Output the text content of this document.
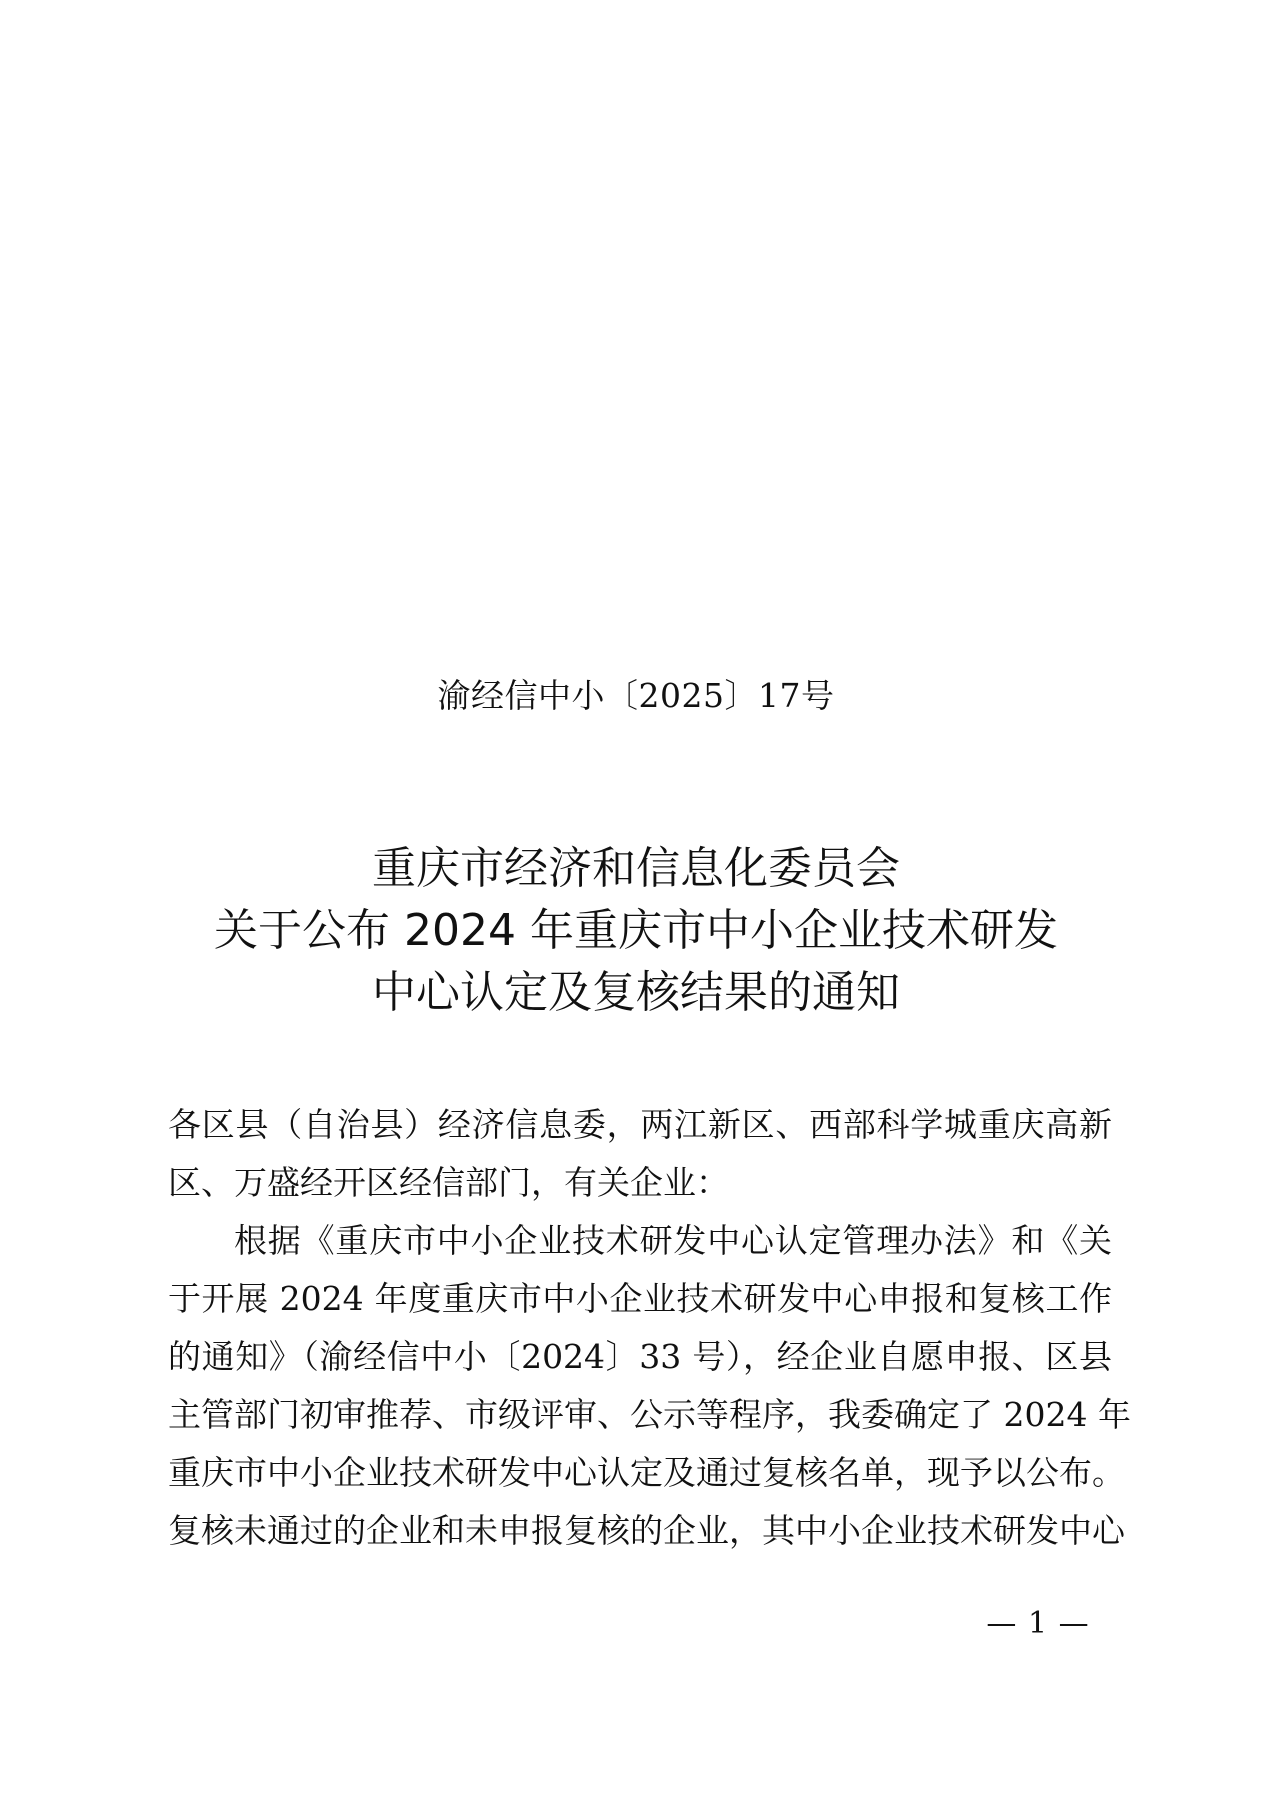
渝经信中小〔2025〕17号
重庆市经济和信息化委员会
关于公布 2024 年重庆市中小企业技术研发
中心认定及复核结果的通知
各区县（自治县）经济信息委，两江新区、西部科学城重庆高新
区、万盛经开区经信部门，有关企业：
根据《重庆市中小企业技术研发中心认定管理办法》和《关
于开展 2024 年度重庆市中小企业技术研发中心申报和复核工作
的通知》（渝经信中小〔2024〕33 号），经企业自愿申报、区县
主管部门初审推荐、市级评审、公示等程序，我委确定了 2024 年
重庆市中小企业技术研发中心认定及通过复核名单，现予以公布。
复核未通过的企业和未申报复核的企业，其中小企业技术研发中心
— 1 —
